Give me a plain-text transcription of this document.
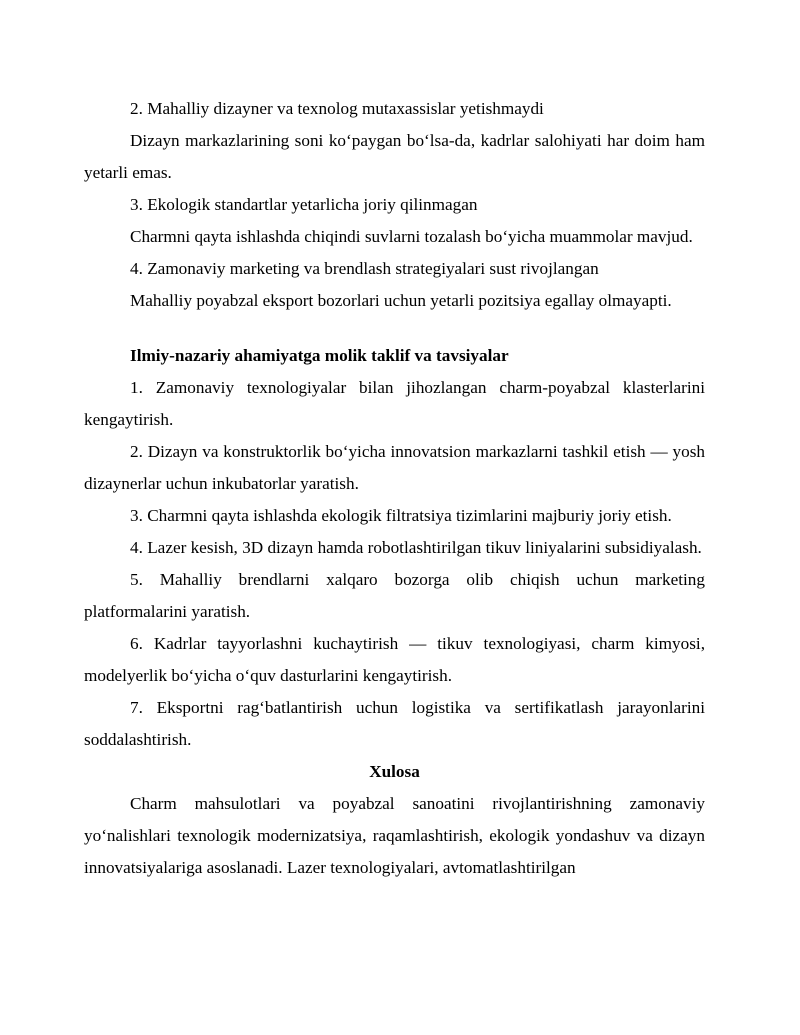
2. Mahalliy dizayner va texnolog mutaxassislar yetishmaydi

Dizayn markazlarining soni ko‘paygan bo‘lsa-da, kadrlar salohiyati har doim ham yetarli emas.

3. Ekologik standartlar yetarlicha joriy qilinmagan

Charmni qayta ishlashda chiqindi suvlarni tozalash bo‘yicha muammolar mavjud.

4. Zamonaviy marketing va brendlash strategiyalari sust rivojlangan

Mahalliy poyabzal eksport bozorlari uchun yetarli pozitsiya egallay olmayapti.

Ilmiy-nazariy ahamiyatga molik taklif va tavsiyalar

1. Zamonaviy texnologiyalar bilan jihozlangan charm-poyabzal klasterlarini kengaytirish.

2. Dizayn va konstruktorlik bo‘yicha innovatsion markazlarni tashkil etish — yosh dizaynerlar uchun inkubatorlar yaratish.

3. Charmni qayta ishlashda ekologik filtratsiya tizimlarini majburiy joriy etish.

4. Lazer kesish, 3D dizayn hamda robotlashtirilgan tikuv liniyalarini subsidiyalash.

5. Mahalliy brendlarni xalqaro bozorga olib chiqish uchun marketing platformalarini yaratish.

6. Kadrlar tayyorlashni kuchaytirish — tikuv texnologiyasi, charm kimyosi, modelyerlik bo‘yicha o‘quv dasturlarini kengaytirish.

7. Eksportni rag‘batlantirish uchun logistika va sertifikatlash jarayonlarini soddalashtirish.

Xulosa

Charm mahsulotlari va poyabzal sanoatini rivojlantirishning zamonaviy yo‘nalishlari texnologik modernizatsiya, raqamlashtirish, ekologik yondashuv va dizayn innovatsiyalariga asoslanadi. Lazer texnologiyalari, avtomatlashtirilgan
